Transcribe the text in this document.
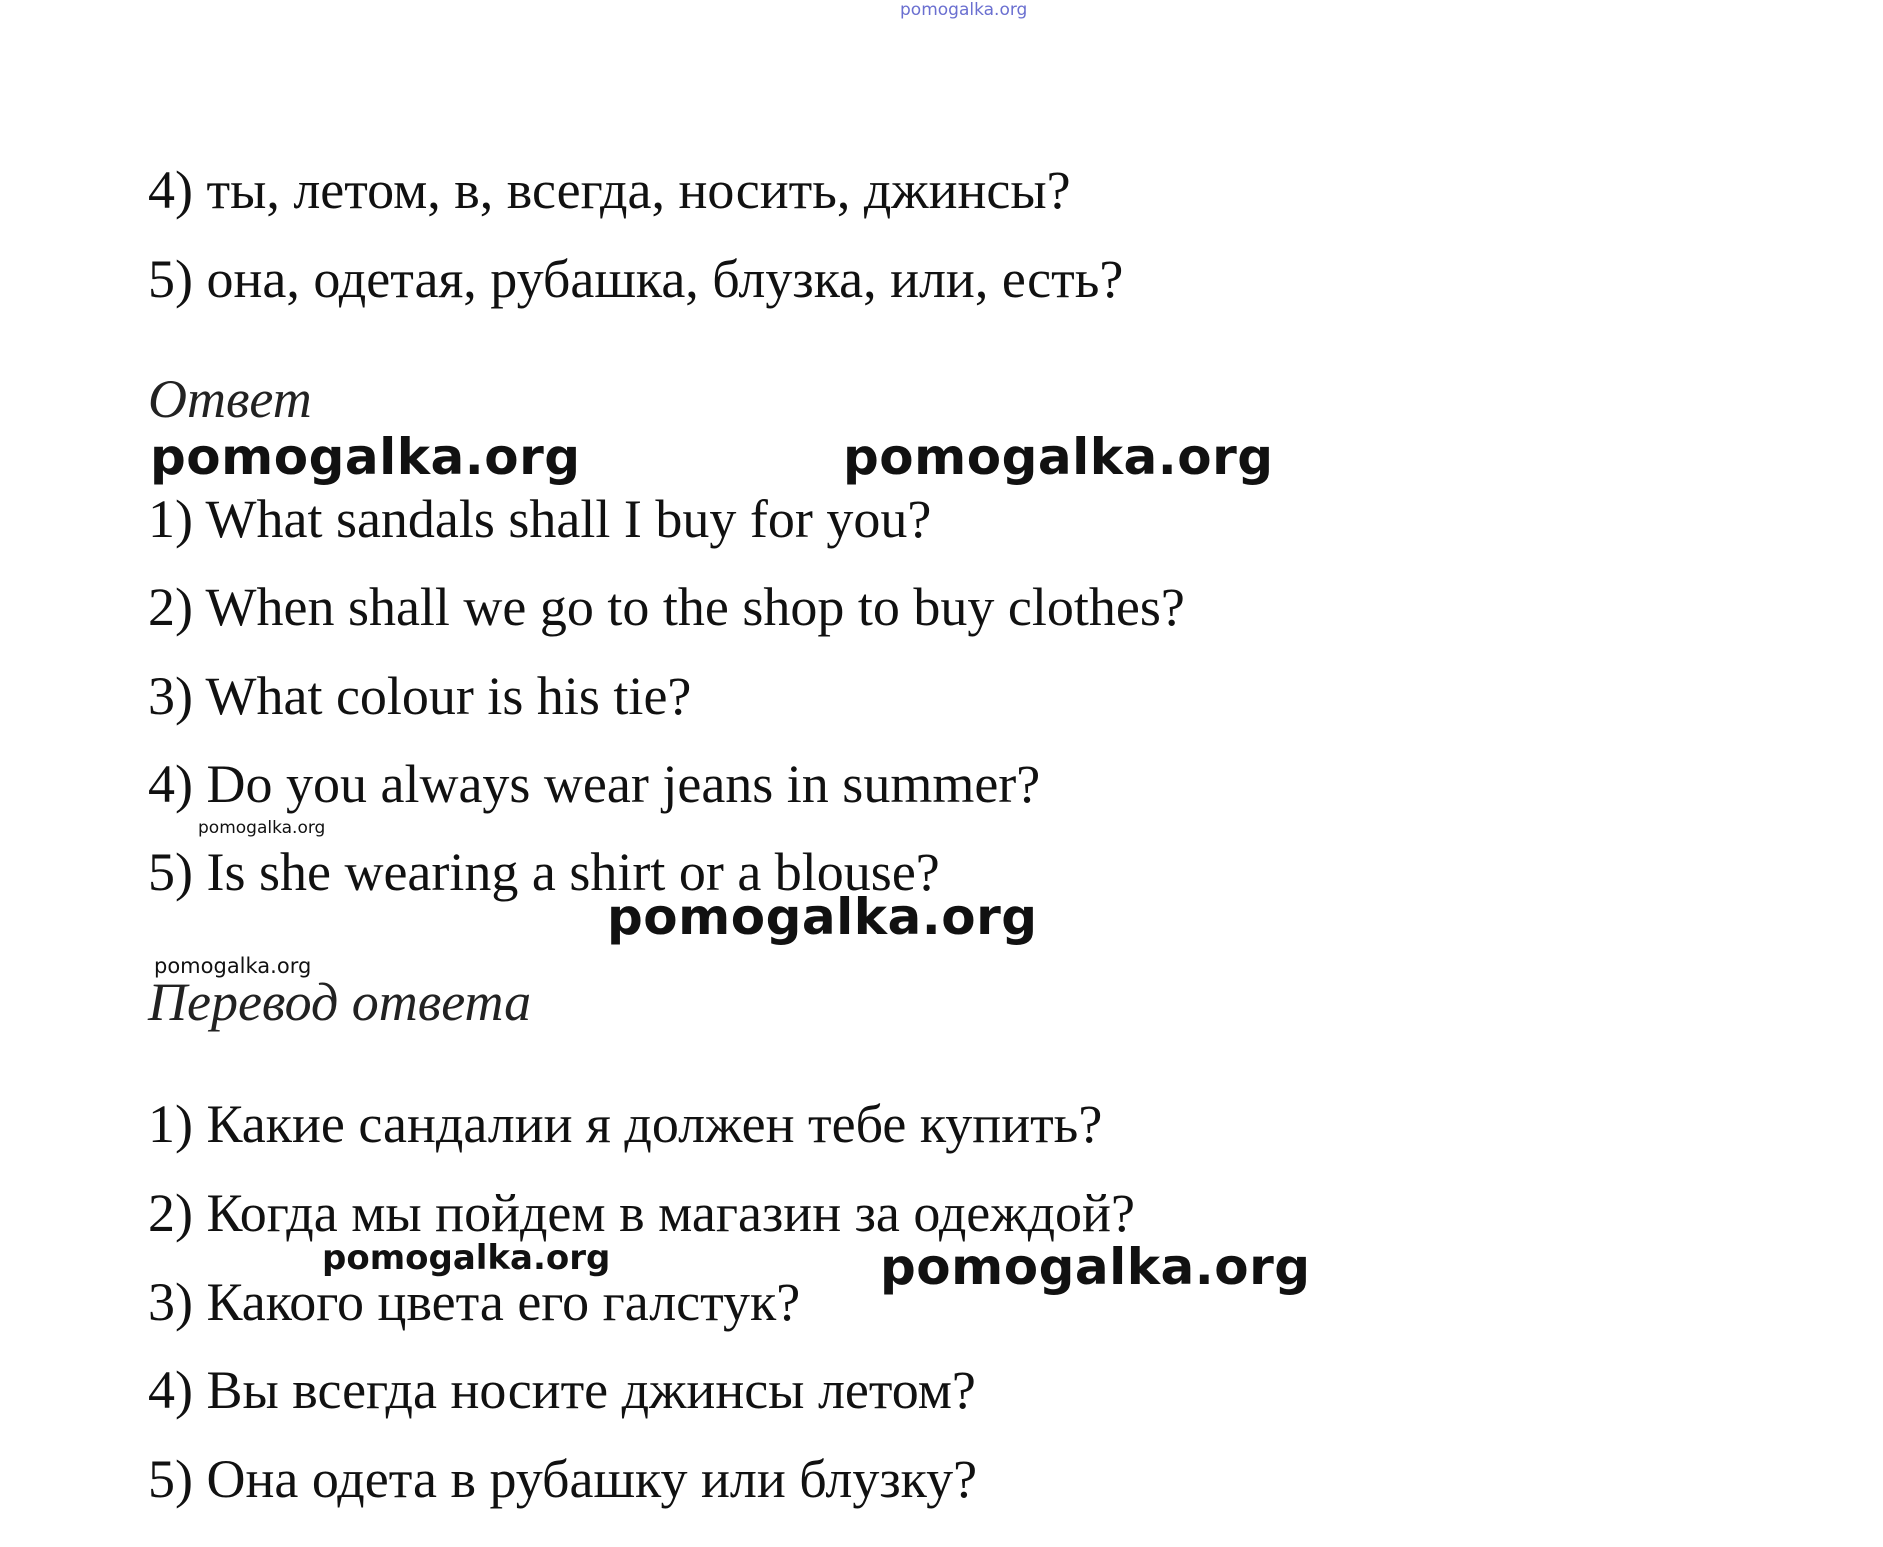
pomogalka.org
4) ты, летом, в, всегда, носить, джинсы?
5) она, одетая, рубашка, блузка, или, есть?
Ответ
pomogalka.org	pomogalka.org
1) What sandals shall I buy for you?
2) When shall we go to the shop to buy clothes?
3) What colour is his tie?
4) Do you always wear jeans in summer?
pomogalka.org
5) Is she wearing a shirt or a blouse?
pomogalka.org
pomogalka.org
Перевод ответа
1) Какие сандалии я должен тебе купить?
2) Когда мы пойдем в магазин за одеждой?
pomogalka.org	pomogalka.org
3) Какого цвета его галстук?
4) Вы всегда носите джинсы летом?
5) Она одета в рубашку или блузку?
